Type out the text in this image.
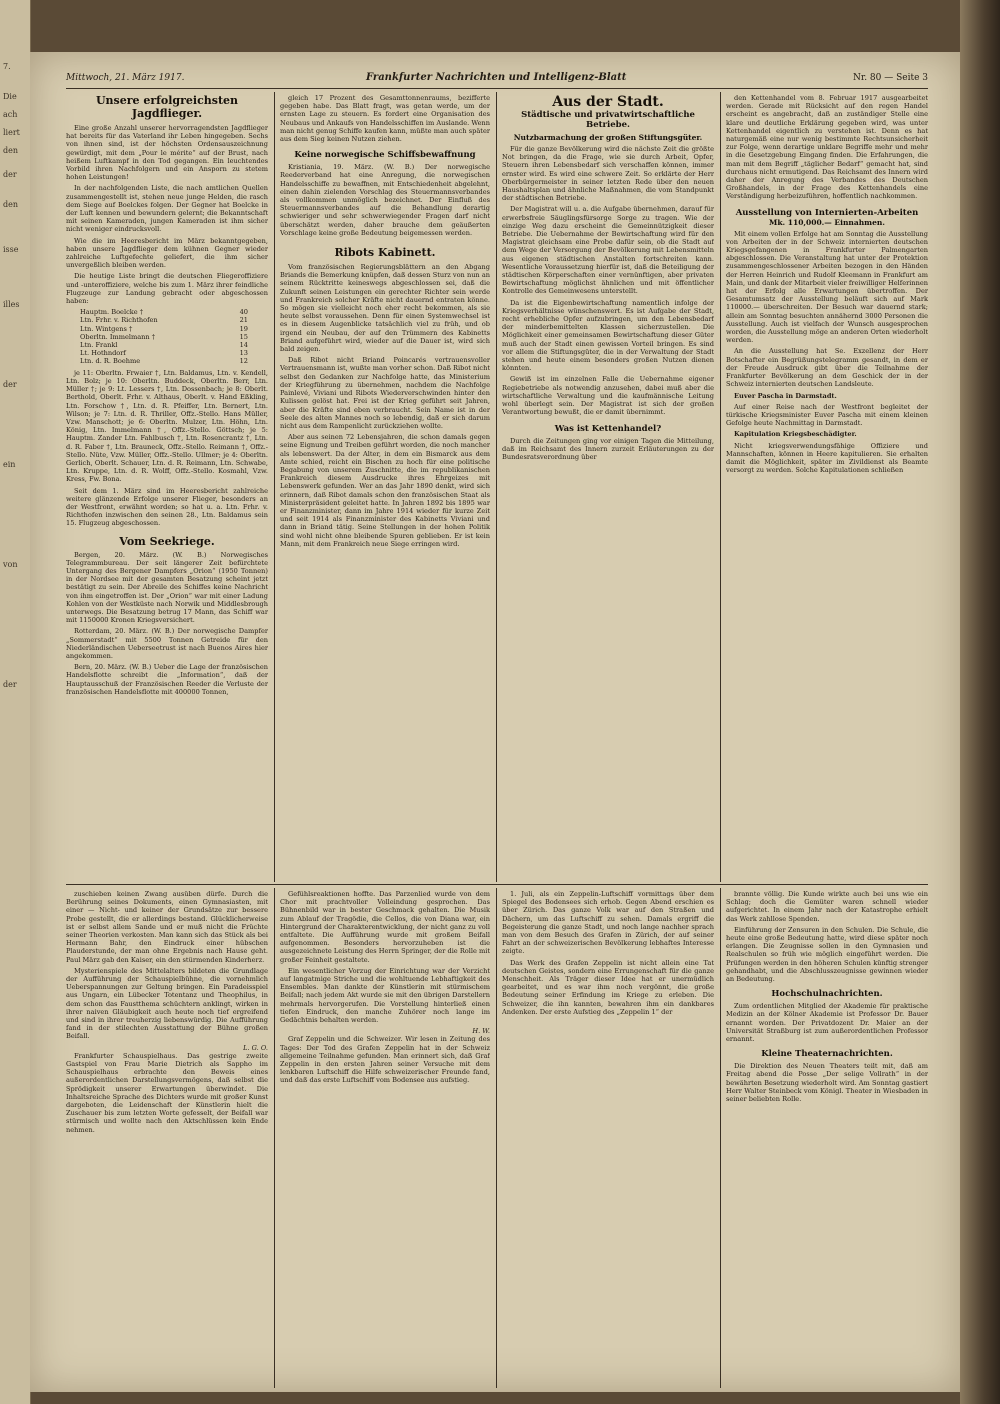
7.
Die
ach
liert
den
der
den
isse
illes
der
ein
von
der
Mittwoch, 21. März 1917.	Frankfurter Nachrichten und Intelligenz-Blatt	Nr. 80 — Seite 3
Unsere erfolgreichsten Jagdflieger.

Eine große Anzahl unserer hervorragendsten Jagdflieger hat bereits für das Vaterland ihr Leben hingegeben. Sechs von ihnen sind, ist der höchsten Ordensauszeichnung gewürdigt, mit dem „Pour le mérite“ auf der Brust, nach heißem Luftkampf in den Tod gegangen. Ein leuchtendes Vorbild ihren Nachfolgern und ein Ansporn zu stetem hohen Leistungen!

In der nachfolgenden Liste, die nach amtlichen Quellen zusammengestellt ist, stehen neue junge Helden, die rasch dem Siege auf Boelckes folgen. Der Gegner hat Boelcke in der Luft kennen und bewundern gelernt; die Bekanntschaft mit seinen Kameraden, jungen Kameraden ist ihm sicher nicht weniger eindrucksvoll.

Wie die im Heeresbericht im März bekanntgegeben, haben unsere Jagdflieger dem kühnen Gegner wieder zahlreiche Luftgefechte geliefert, die ihm sicher unvergeßlich bleiben werden.

Die heutige Liste bringt die deutschen Fliegeroffiziere und -unteroffiziere, welche bis zum 1. März ihrer feindliche Flugzeuge zur Landung gebracht oder abgeschossen haben:

Hauptm. Boelcke †	40
Ltn. Frhr. v. Richthofen	21
Ltn. Wintgens †	19
Oberltn. Immelmann †	15
Ltn. Frankl	14
Lt. Hothndorf	13
Ltn. d. R. Boehme	12

je 11: Oberltn. Frwaier †, Ltn. Baldamus, Ltn. v. Kendell, Ltn. Bolz; je 10: Oberltn. Buddeck, Oberltn. Berr, Ltn. Müller †; je 9: Lt. Lessers †, Ltn. Dossenbach; je 8: Oberlt. Berthold, Oberlt. Frhr. v. Althaus, Oberlt. v. Hand Eßkling, Ltn. Forschow †, Ltn. d. R. Pfeiffer, Ltn. Bernert, Ltn. Wilson; je 7: Ltn. d. R. Thriller, Offz.-Stello. Hans Müller, Vzw. Manschott; je 6: Oberltn. Mulzer, Ltn. Höhn, Ltn. König, Ltn. Immelmann †, Offz.-Stello. Göttsch; je 5: Hauptm. Zander Ltn. Fahlbusch †, Ltn. Rosencrantz †, Ltn. d. R. Faber †, Ltn. Brauneck, Offz.-Stello. Reimann †, Offz.-Stello. Nüte, Vzw. Müller, Offz.-Stello. Ullmer; je 4: Oberltn. Gerlich, Oberlt. Schauer, Ltn. d. R. Reimann, Ltn. Schwabe, Ltn. Kruppe, Ltn. d. R. Wolff, Offz.-Stello. Kosmahl, Vzw. Kress, Fw. Bona.

Seit dem 1. März sind im Heeresbericht zahlreiche weitere glänzende Erfolge unserer Flieger, besonders an der Westfront, erwähnt worden; so hat u. a. Ltn. Frhr. v. Richthofen inzwischen den seinen 28., Ltn. Baldamus sein 15. Flugzeug abgeschossen.

Vom Seekriege.

Bergen, 20. März. (W. B.) Norwegisches Telegrammbureau. Der seit längerer Zeit befürchtete Untergang des Bergener Dampfers „Orion“ (1950 Tonnen) in der Nordsee mit der gesamten Besatzung scheint jetzt bestätigt zu sein. Der Abreile des Schiffes keine Nachricht von ihm eingetroffen ist. Der „Orion“ war mit einer Ladung Kohlen von der Westküste nach Norwik und Middlesbrough unterwegs. Die Besatzung betrug 17 Mann, das Schiff war mit 1150000 Kronen Kriegsversichert.

Rotterdam, 20. März. (W. B.) Der norwegische Dampfer „Sommerstadt“ mit 5500 Tonnen Getreide für den Niederländischen Ueberseetrust ist nach Buenos Aires hier angekommen.

Bern, 20. März. (W. B.) Ueber die Lage der französischen Handelsflotte schreibt die „Information“, daß der Hauptausschuß der Französischen Reeder die Verluste der französischen Handelsflotte mit 400000 Tonnen,

gleich 17 Prozent des Gesamttonnenraums, bezifferte gegeben habe. Das Blatt fragt, was getan werde, um der ernsten Lage zu steuern. Es fordert eine Organisation des Neubaus und Ankaufs von Handelsschiffen im Auslande. Wenn man nicht genug Schiffe kaufen kann, müßte man auch später aus dem Sieg keinen Nutzen ziehen.

Keine norwegische Schiffsbewaffnung

Kristiania, 19. März. (W. B.) Der norwegische Reederverband hat eine Anregung, die norwegischen Handelsschiffe zu bewaffnen, mit Entschiedenheit abgelehnt, einen dahin zielenden Vorschlag des Steuermannsverbandes als vollkommen unmöglich bezeichnet. Der Einfluß des Steuermannsverbandes auf die Behandlung derartig schwieriger und sehr schwerwiegender Fragen darf nicht überschätzt werden, daher brauche dem geäußerten Vorschlage keine große Bedeutung beigemessen werden.

Ribots Kabinett.

Vom französischen Regierungsblättern an den Abgang Briands die Bemerkung knüpfen, daß dessen Sturz von nun an seinem Rücktritte keineswegs abgeschlossen sei, daß die Zukunft seinen Leistungen ein gerechter Richter sein werde und Frankreich solcher Kräfte nicht dauernd entraten könne. So mögen sie vielleicht noch eher recht bekommen, als sie heute selbst voraussehen. Denn für einen Systemwechsel ist es in diesem Augenblicke tatsächlich viel zu früh, und ob irgend ein Neubau, der auf den Trümmern des Kabinetts Briand aufgeführt wird, wieder auf die Dauer ist, wird sich bald zeigen.

Daß Ribot nicht Briand Poincarés vertrauensvoller Vertrauensmann ist, wußte man vorher schon. Daß Ribot nicht selbst den Gedanken zur Nachfolge hatte, das Ministerium der Kriegführung zu übernehmen, nachdem die Nachfolge Painlevé, Viviani und Ribots Wiederverschwinden hinter den Kulissen gelöst hat. Frei ist der Krieg geführt seit Jahren, aber die Kräfte sind eben verbraucht. Sein Name ist in der Seele des alten Mannes noch so lebendig, daß er sich darum nicht aus dem Rampenlicht zurückziehen wollte.

Aber aus seinen 72 Lebensjahren, die schon damals gegen seine Eignung und Treiben geführt worden, die noch mancher als lebenswert. Da der Alter, in dem ein Bismarck aus dem Amte schied, reicht ein Bischen zu hoch für eine politische Begabung von unserem Zuschnitte, die im republikanischen Frankreich diesem Ausdrucke ihres Ehrgeizes mit Lebenswerk gefunden. Wer an das Jahr 1890 denkt, wird sich erinnern, daß Ribot damals schon den französischen Staat als Ministerpräsident geleitet hatte. In Jahren 1892 bis 1895 war er Finanzminister, dann im Jahre 1914 wieder für kurze Zeit und seit 1914 als Finanzminister des Kabinetts Viviani und dann in Briand tätig. Seine Stellungen in der hohen Politik sind wohl nicht ohne bleibende Spuren geblieben. Er ist kein Mann, mit dem Frankreich neue Siege erringen wird.

Aus der Stadt.
Städtische und privatwirtschaftliche Betriebe.
Nutzbarmachung der großen Stiftungsgüter.

Für die ganze Bevölkerung wird die nächste Zeit die größte Not bringen, da die Frage, wie sie durch Arbeit, Opfer, Steuern ihren Lebensbedarf sich verschaffen können, immer ernster wird. Es wird eine schwere Zeit. So erklärte der Herr Oberbürgermeister in seiner letzten Rede über den neuen Haushaltsplan und ähnliche Maßnahmen, die vom Standpunkt der städtischen Betriebe.

Der Magistrat will u. a. die Aufgabe übernehmen, darauf für erwerbsfreie Säuglingsfürsorge Sorge zu tragen. Wie der einzige Weg dazu erscheint die Gemeinnützigkeit dieser Betriebe. Die Uebernahme der Bewirtschaftung wird für den Magistrat gleichsam eine Probe dafür sein, ob die Stadt auf dem Wege der Versorgung der Bevölkerung mit Lebensmitteln aus eigenen städtischen Anstalten fortschreiten kann. Wesentliche Voraussetzung hierfür ist, daß die Beteiligung der städtischen Körperschaften einer vernünftigen, aber privaten Bewirtschaftung möglichst ähnlichen und mit öffentlicher Kontrolle des Gemeinwesens unterstellt.

Da ist die Eigenbewirtschaftung namentlich infolge der Kriegsverhältnisse wünschenswert. Es ist Aufgabe der Stadt, recht erhebliche Opfer aufzubringen, um den Lebensbedarf der minderbemittelten Klassen sicherzustellen. Die Möglichkeit einer gemeinsamen Bewirtschaftung dieser Güter muß auch der Stadt einen gewissen Vorteil bringen. Es sind vor allem die Stiftungsgüter, die in der Verwaltung der Stadt stehen und heute einem besonders großen Nutzen dienen könnten.

Gewiß ist im einzelnen Falle die Uebernahme eigener Regiebetriebe als notwendig anzusehen, dabei muß aber die wirtschaftliche Verwaltung und die kaufmännische Leitung wohl überlegt sein. Der Magistrat ist sich der großen Verantwortung bewußt, die er damit übernimmt.

Was ist Kettenhandel?

Durch die Zeitungen ging vor einigen Tagen die Mitteilung, daß im Reichsamt des Innern zurzeit Erläuterungen zu der Bundesratsverordnung über

den Kettenhandel vom 8. Februar 1917 ausgearbeitet werden. Gerade mit Rücksicht auf den regen Handel erscheint es angebracht, daß an zuständiger Stelle eine klare und deutliche Erklärung gegeben wird, was unter Kettenhandel eigentlich zu verstehen ist. Denn es hat naturgemäß eine nur wenig bestimmte Rechtsunsicherheit zur Folge, wenn derartige unklare Begriffe mehr und mehr in die Gesetzgebung Eingang finden. Die Erfahrungen, die man mit dem Begriff „täglicher Bedarf“ gemacht hat, sind durchaus nicht ermutigend. Das Reichsamt des Innern wird daher der Anregung des Verbandes des Deutschen Großhandels, in der Frage des Kettenhandels eine Verständigung herbeizuführen, hoffentlich nachkommen.

Ausstellung von Internierten-Arbeiten
Mk. 110,000.— Einnahmen.

Mit einem vollen Erfolge hat am Sonntag die Ausstellung von Arbeiten der in der Schweiz internierten deutschen Kriegsgefangenen in Frankfurter Palmengarten abgeschlossen. Die Veranstaltung hat unter der Protektion zusammengeschlossener Arbeiten bezogen in den Händen der Herren Heinrich und Rudolf Kleemann in Frankfurt am Main, und dank der Mitarbeit vieler freiwilliger Helferinnen hat der Erfolg alle Erwartungen übertroffen. Der Gesamtumsatz der Ausstellung beläuft sich auf Mark 110000.— überschreiten. Der Besuch war dauernd stark; allein am Sonntag besuchten annähernd 3000 Personen die Ausstellung. Auch ist vielfach der Wunsch ausgesprochen worden, die Ausstellung möge an anderen Orten wiederholt werden.

An die Ausstellung hat Se. Exzellenz der Herr Botschafter ein Begrüßungstelegramm gesandt, in dem er der Freude Ausdruck gibt über die Teilnahme der Frankfurter Bevölkerung an dem Geschick der in der Schweiz internierten deutschen Landsleute.

Euver Pascha in Darmstadt.

Auf einer Reise nach der Westfront begleitet der türkische Kriegsminister Euver Pascha mit einem kleinen Gefolge heute Nachmittag in Darmstadt.

Kapitulation Kriegsbeschädigter.

Nicht kriegsverwendungsfähige Offiziere und Mannschaften, können in Heere kapitulieren. Sie erhalten damit die Möglichkeit, später im Zivildienst als Beamte versorgt zu werden. Solche Kapitulationen schließen

zuschieben keinen Zwang ausüben dürfe. Durch die Berührung seines Dokuments, einen Gymnasiasten, mit einer — Nicht- und keiner der Grundsätze zur bessere Probe gestellt, die er allerdings bestand. Glücklicherweise ist er selbst allem Sande und er muß nicht die Früchte seiner Theorien verkosten. Man kann sich das Stück als bei Hermann Bahr, den Eindruck einer hübschen Plauderstunde, der man ohne Ergebnis nach Hause geht. Paul März gab den Kaiser, ein den stürmenden Kinderherz.

Mysterienspiele des Mittelalters bildeten die Grundlage der Aufführung der Schauspielbühne, die vornehmlich Ueberspannungen zur Geltung bringen. Ein Paradeisspiel aus Ungarn, ein Lübecker Totentanz und Theophilus, in dem schon das Faustthema schüchtern anklingt, wirken in ihrer naiven Gläubigkeit auch heute noch tief ergreifend und sind in ihrer treuherzig liebenswürdig. Die Aufführung fand in der stilechten Ausstattung der Bühne großen Beifall.

L. G. O.

Frankfurter Schauspielhaus. Das gestrige zweite Gastspiel von Frau Marie Dietrich als Sappho im Schauspielhaus erbrachte den Beweis eines außerordentlichen Darstellungsvermögens, daß selbst die Sprödigkeit unserer Erwartungen überwindet. Die Inhaltsreiche Sprache des Dichters wurde mit großer Kunst dargeboten, die Leidenschaft der Künstlerin hielt die Zuschauer bis zum letzten Worte gefesselt, der Beifall war stürmisch und wollte nach den Aktschlüssen kein Ende nehmen.

Gefühlsreaktionen hoffte. Das Parzenlied wurde von dem Chor mit prachtvoller Volleindung gesprochen. Das Bühnenbild war in bester Geschmack gehalten. Die Musik zum Ablauf der Tragödie, die Cellos, die von Diana war, ein Hintergrund der Charakterentwicklung, der nicht ganz zu voll entfaltete. Die Aufführung wurde mit großem Beifall aufgenommen. Besonders hervorzuheben ist die ausgezeichnete Leistung des Herrn Springer, der die Rolle mit großer Feinheit gestaltete.

Ein wesentlicher Vorzug der Einrichtung war der Verzicht auf langatmige Striche und die wohltuende Lebhaftigkeit des Ensembles. Man dankte der Künstlerin mit stürmischem Beifall; nach jedem Akt wurde sie mit den übrigen Darstellern mehrmals hervorgerufen. Die Vorstellung hinterließ einen tiefen Eindruck, den manche Zuhörer noch lange im Gedächtnis behalten werden.

H. W.

Graf Zeppelin und die Schweizer. Wir lesen in Zeitung des Tages: Der Tod des Grafen Zeppelin hat in der Schweiz allgemeine Teilnahme gefunden. Man erinnert sich, daß Graf Zeppelin in den ersten Jahren seiner Versuche mit dem lenkbaren Luftschiff die Hilfe schweizerischer Freunde fand, und daß das erste Luftschiff vom Bodensee aus aufstieg.

1. Juli, als ein Zeppelin-Luftschiff vormittags über dem Spiegel des Bodensees sich erhob. Gegen Abend erschien es über Zürich. Das ganze Volk war auf den Straßen und Dächern, um das Luftschiff zu sehen. Damals ergriff die Begeisterung die ganze Stadt, und noch lange nachher sprach man von dem Besuch des Grafen in Zürich, der auf seiner Fahrt an der schweizerischen Bevölkerung lebhaftes Interesse zeigte.

Das Werk des Grafen Zeppelin ist nicht allein eine Tat deutschen Geistes, sondern eine Errungenschaft für die ganze Menschheit. Als Träger dieser Idee hat er unermüdlich gearbeitet, und es war ihm noch vergönnt, die große Bedeutung seiner Erfindung im Kriege zu erleben. Die Schweizer, die ihn kannten, bewahren ihm ein dankbares Andenken. Der erste Aufstieg des „Zeppelin 1“ der

brannte völlig. Die Kunde wirkte auch bei uns wie ein Schlag; doch die Gemüter waren schnell wieder aufgerichtet. In einem Jahr nach der Katastrophe erhielt das Werk zahllose Spenden.

Einführung der Zensuren in den Schulen. Die Schule, die heute eine große Bedeutung hatte, wird diese später noch erlangen. Die Zeugnisse sollen in den Gymnasien und Realschulen so früh wie möglich eingeführt werden. Die Prüfungen werden in den höheren Schulen künftig strenger gehandhabt, und die Abschlusszeugnisse gewinnen wieder an Bedeutung.

Hochschulnachrichten.

Zum ordentlichen Mitglied der Akademie für praktische Medizin an der Kölner Akademie ist Professor Dr. Bauer ernannt worden. Der Privatdozent Dr. Maier an der Universität Straßburg ist zum außerordentlichen Professor ernannt.

Kleine Theaternachrichten.

Die Direktion des Neuen Theaters teilt mit, daß am Freitag abend die Posse „Der selige Vollrath“ in der bewährten Besetzung wiederholt wird. Am Sonntag gastiert Herr Walter Steinbeck vom Königl. Theater in Wiesbaden in seiner beliebten Rolle.
